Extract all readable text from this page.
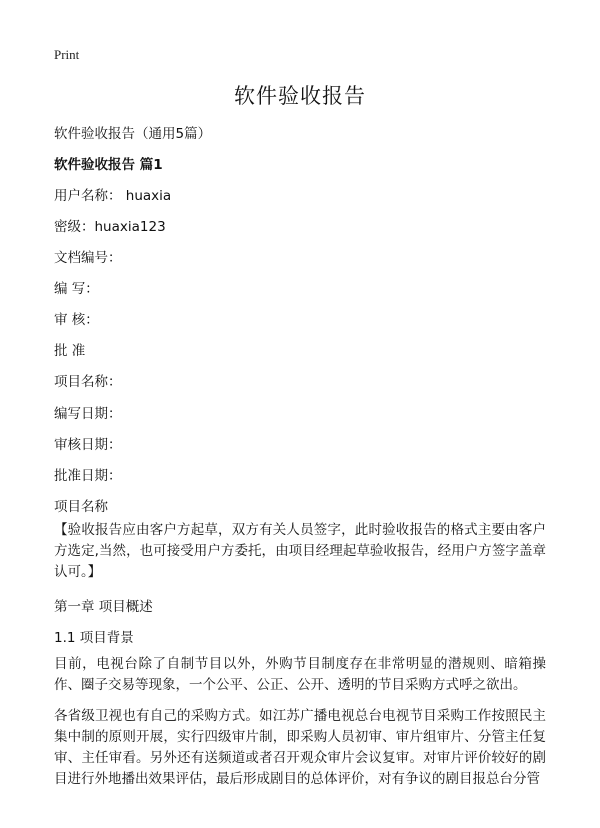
Print
软件验收报告
软件验收报告（通用5篇）
软件验收报告 篇1
用户名称： huaxia
密级：huaxia123
文档编号：
编 写：
审 核：
批 准
项目名称：
编写日期：
审核日期：
批准日期：
项目名称
【验收报告应由客户方起草，双方有关人员签字，此时验收报告的格式主要由客户方选定,当然，也可接受用户方委托，由项目经理起草验收报告，经用户方签字盖章认可。】
第一章 项目概述
1.1 项目背景
目前，电视台除了自制节目以外，外购节目制度存在非常明显的潜规则、暗箱操作、圈子交易等现象，一个公平、公正、公开、透明的节目采购方式呼之欲出。
各省级卫视也有自己的采购方式。如江苏广播电视总台电视节目采购工作按照民主集中制的原则开展，实行四级审片制，即采购人员初审、审片组审片、分管主任复审、主任审看。另外还有送频道或者召开观众审片会议复审。对审片评价较好的剧目进行外地播出效果评估，最后形成剧目的总体评价，对有争议的剧目报总台分管
